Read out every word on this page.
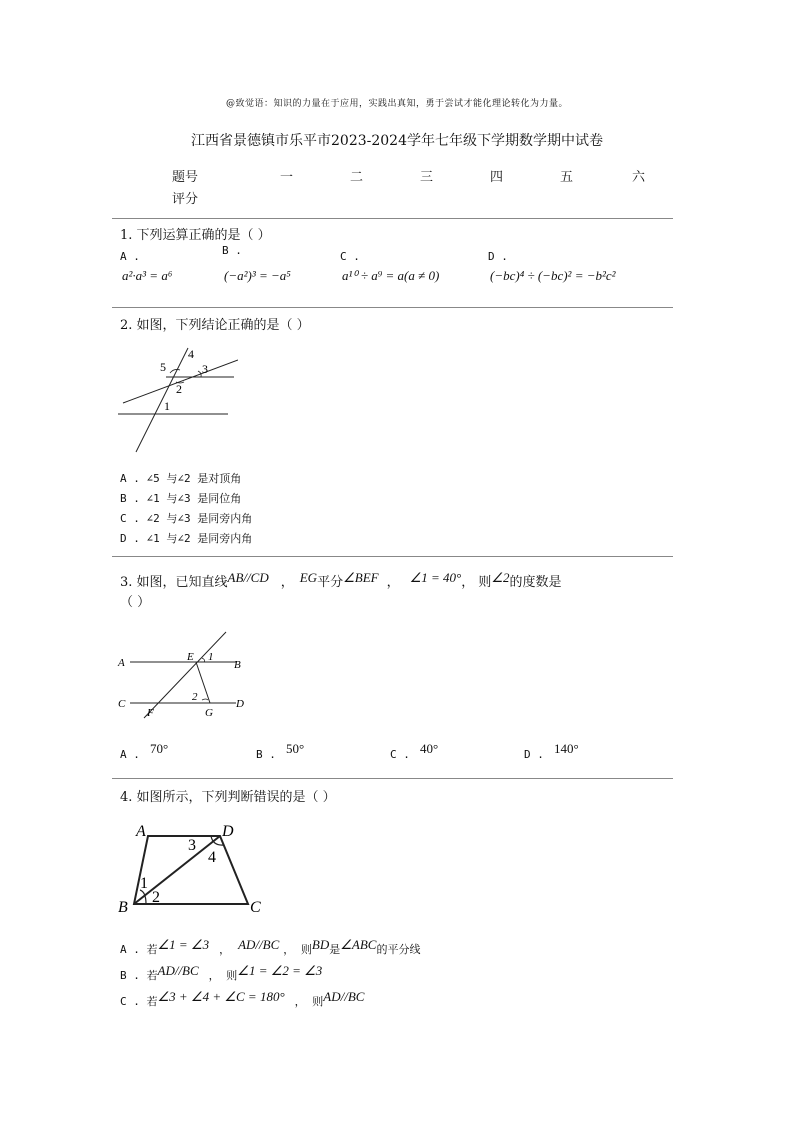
@致觉语：知识的力量在于应用，实践出真知，勇于尝试才能化理论转化为力量。
江西省景德镇市乐平市2023-2024学年七年级下学期数学期中试卷
题号	一	二	三	四	五	六
评分
1. 下列运算正确的是（ ）
A .	B .	C .	D .
a²·a³ = a⁶	(−a²)³ = −a⁵	a¹⁰ ÷ a⁹ = a(a ≠ 0)	(−bc)⁴ ÷ (−bc)² = −b²c²
2. 如图，下列结论正确的是（ ）
5
4
3
2
1
A . ∠5 与∠2 是对顶角
B . ∠1 与∠3 是同位角
C . ∠2 与∠3 是同旁内角
D . ∠1 与∠2 是同旁内角
3. 如图，已知直线AB//CD ， EG平分∠BEF ， ∠1 = 40°， 则∠2的度数是
（ ）
A	E 1
B
C
F
2
G
D
A . 70°	B . 50°	C . 40°	D . 140°
4. 如图所示，下列判断错误的是（ ）
A	D
3
4
1
2
B	C
A . 若$^{\angle 1 = \angle 3}$ ， $^{AD//BC}$ ， 则$^{BD}$是$^{\angle ABC}$的平分线
B . 若$^{AD//BC}$ ， 则$^{\angle 1 = \angle 2 = \angle 3}$
C . 若$^{\angle 3 + \angle 4 + \angle C = 180^\circ}$ ， 则$^{AD//BC}$
